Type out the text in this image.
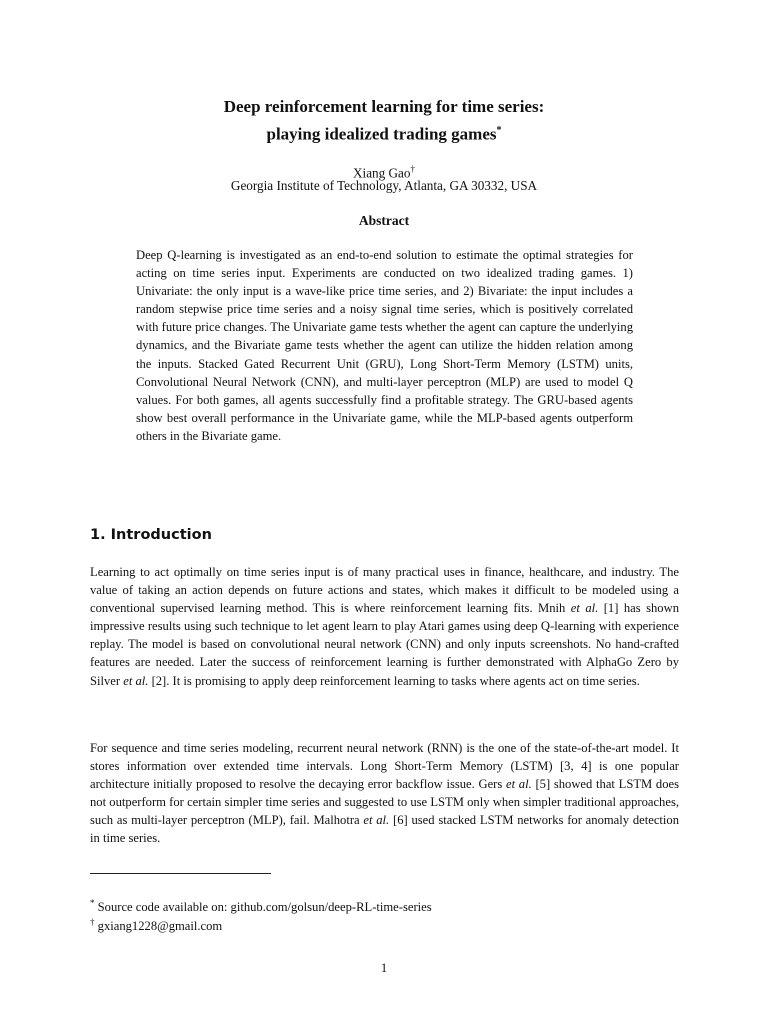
Deep reinforcement learning for time series:
playing idealized trading games*
Xiang Gao†
Georgia Institute of Technology, Atlanta, GA 30332, USA
Abstract

Deep Q-learning is investigated as an end-to-end solution to estimate the optimal strategies for acting on time series input. Experiments are conducted on two idealized trading games. 1) Univariate: the only input is a wave-like price time series, and 2) Bivariate: the input includes a random stepwise price time series and a noisy signal time series, which is positively correlated with future price changes. The Univariate game tests whether the agent can capture the underlying dynamics, and the Bivariate game tests whether the agent can utilize the hidden relation among the inputs. Stacked Gated Recurrent Unit (GRU), Long Short-Term Memory (LSTM) units, Convolutional Neural Network (CNN), and multi-layer perceptron (MLP) are used to model Q values. For both games, all agents successfully find a profitable strategy. The GRU-based agents show best overall performance in the Univariate game, while the MLP-based agents outperform others in the Bivariate game.

1. Introduction

Learning to act optimally on time series input is of many practical uses in finance, healthcare, and industry. The value of taking an action depends on future actions and states, which makes it difficult to be modeled using a conventional supervised learning method. This is where reinforcement learning fits. Mnih et al. [1] has shown impressive results using such technique to let agent learn to play Atari games using deep Q-learning with experience replay. The model is based on convolutional neural network (CNN) and only inputs screenshots. No hand-crafted features are needed. Later the success of reinforcement learning is further demonstrated with AlphaGo Zero by Silver et al. [2]. It is promising to apply deep reinforcement learning to tasks where agents act on time series.

For sequence and time series modeling, recurrent neural network (RNN) is the one of the state-of-the-art model. It stores information over extended time intervals. Long Short-Term Memory (LSTM) [3, 4] is one popular architecture initially proposed to resolve the decaying error backflow issue. Gers et al. [5] showed that LSTM does not outperform for certain simpler time series and suggested to use LSTM only when simpler traditional approaches, such as multi-layer perceptron (MLP), fail. Malhotra et al. [6] used stacked LSTM networks for anomaly detection in time series.

* Source code available on: github.com/golsun/deep-RL-time-series
† gxiang1228@gmail.com
1
